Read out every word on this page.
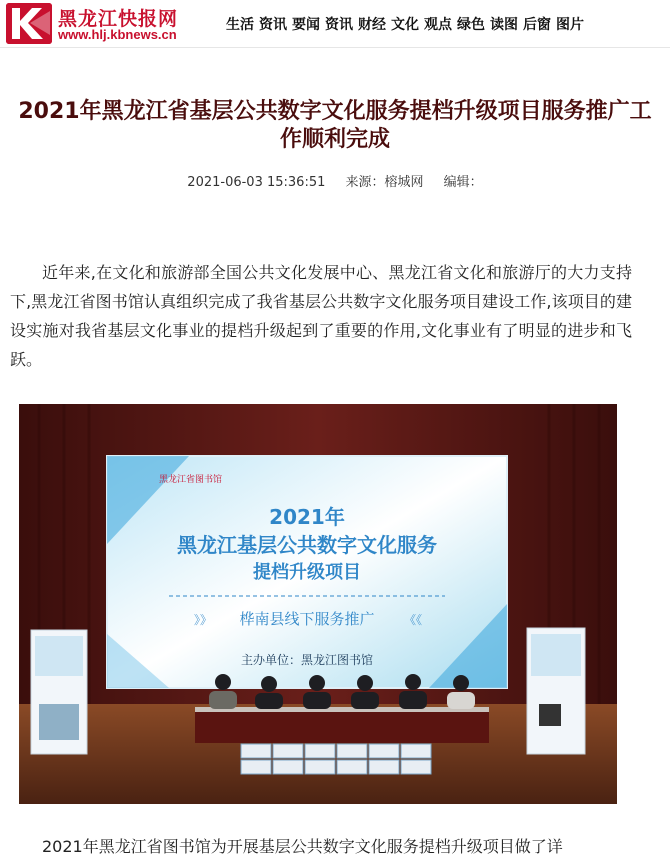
黑龙江快报网
www.hlj.kbnews.cn
生活 资讯 要闻 资讯 财经 文化 观点 绿色 读图 后窗 图片
2021年黑龙江省基层公共数字文化服务提档升级项目服务推广工作顺利完成
2021-06-03 15:36:51 来源：榕城网 编辑：

近年来,在文化和旅游部全国公共文化发展中心、黑龙江省文化和旅游厅的大力支持下,黑龙江省图书馆认真组织完成了我省基层公共数字文化服务项目建设工作,该项目的建设实施对我省基层文化事业的提档升级起到了重要的作用,文化事业有了明显的进步和飞跃。

黑龙江省图书馆
2021年
黑龙江基层公共数字文化服务
提档升级项目
桦南县线下服务推广
》》	《《
主办单位：黑龙江图书馆

2021年黑龙江省图书馆为开展基层公共数字文化服务提档升级项目做了详
